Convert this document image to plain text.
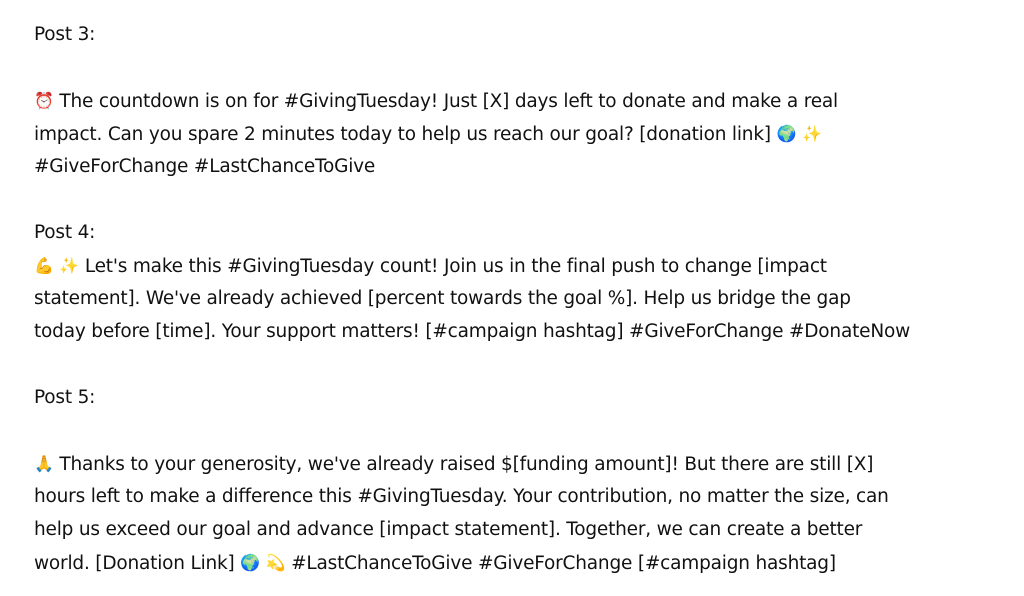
Post 3:
⏰ The countdown is on for #GivingTuesday! Just [X] days left to donate and make a real
impact. Can you spare 2 minutes today to help us reach our goal? [donation link] 🌍 ✨
#GiveForChange #LastChanceToGive
Post 4:
💪 ✨ Let's make this #GivingTuesday count! Join us in the final push to change [impact
statement]. We've already achieved [percent towards the goal %]. Help us bridge the gap
today before [time]. Your support matters! [#campaign hashtag] #GiveForChange #DonateNow
Post 5:
🙏 Thanks to your generosity, we've already raised $[funding amount]! But there are still [X]
hours left to make a difference this #GivingTuesday. Your contribution, no matter the size, can
help us exceed our goal and advance [impact statement]. Together, we can create a better
world. [Donation Link] 🌍 💫 #LastChanceToGive #GiveForChange [#campaign hashtag]
